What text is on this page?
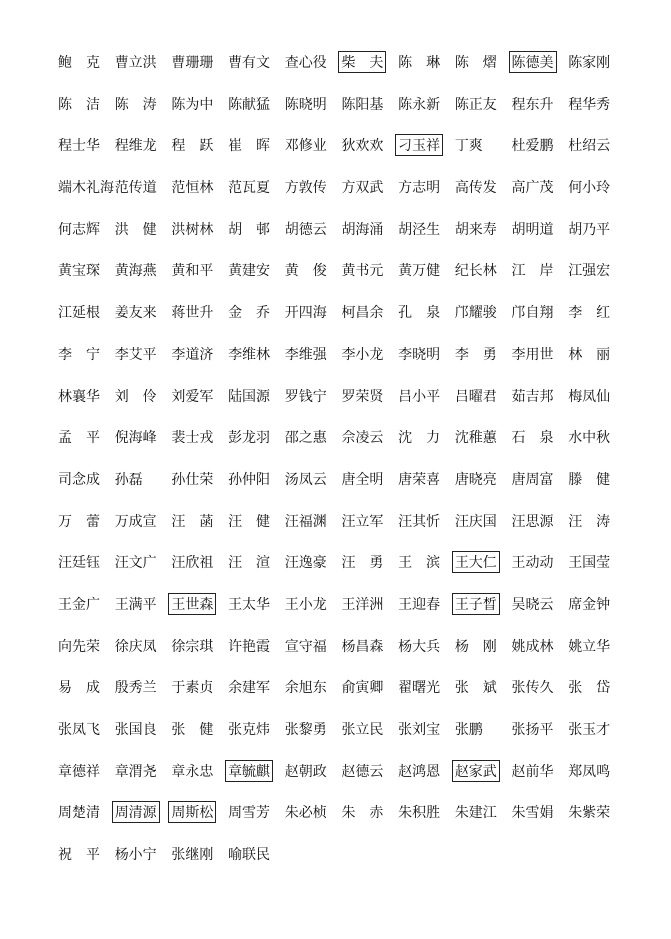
鲍　克 曹立洪 曹珊珊 曹有文 查心役 柴　夫 陈　琳 陈　熠 陈德美 陈家刚
陈　洁 陈　涛 陈为中 陈献猛 陈晓明 陈阳基 陈永新 陈正友 程东升 程华秀
程士华 程维龙 程　跃 崔　晖 邓修业 狄欢欢 刁玉祥 丁爽 杜爱鹏 杜绍云
端木礼海 范传道 范恒林 范瓦夏 方敦传 方双武 方志明 高传发 高广茂 何小玲
何志辉 洪　健 洪树林 胡　邨 胡德云 胡海涌 胡泾生 胡来寿 胡明道 胡乃平
黄宝琛 黄海燕 黄和平 黄建安 黄　俊 黄书元 黄万健 纪长林 江　岸 江强宏
江延根 姜友来 蒋世升 金　乔 开四海 柯昌余 孔　泉 邝耀骏 邝自翔 李　红
李　宁 李艾平 李道济 李维林 李维强 李小龙 李晓明 李　勇 李用世 林　丽
林襄华 刘　伶 刘爱军 陆国源 罗钱宁 罗荣贤 吕小平 吕曜君 茹吉邦 梅凤仙
孟　平 倪海峰 裴士戎 彭龙羽 邵之惠 佘凌云 沈　力 沈稚蕙 石　泉 水中秋
司念成 孙磊 孙仕荣 孙仲阳 汤凤云 唐全明 唐荣喜 唐晓亮 唐周富 滕　健
万　蕾 万成宣 汪　菡 汪　健 汪福渊 汪立军 汪其忻 汪庆国 汪思源 汪　涛
汪廷钰 汪文广 汪欣祖 汪　渲 汪逸豪 汪　勇 王　滨 王大仁 王动动 王国莹
王金广 王满平 王世森 王太华 王小龙 王洋洲 王迎春 王子晳 吴晓云 席金钟
向先荣 徐庆凤 徐宗琪 许艳霞 宣守福 杨昌森 杨大兵 杨　刚 姚成林 姚立华
易　成 殷秀兰 于素贞 余建军 余旭东 俞寅卿 翟曙光 张　斌 张传久 张　岱
张凤飞 张国良 张　健 张克炜 张黎勇 张立民 张刘宝 张鹏 张扬平 张玉才
章德祥 章渭尧 章永忠 章毓麒 赵朝政 赵德云 赵鸿恩 赵家武 赵前华 郑凤鸣
周楚清 周清源 周斯松 周雪芳 朱必桢 朱　赤 朱积胜 朱建江 朱雪娟 朱紫荣
祝　平 杨小宁 张继刚 喻联民
